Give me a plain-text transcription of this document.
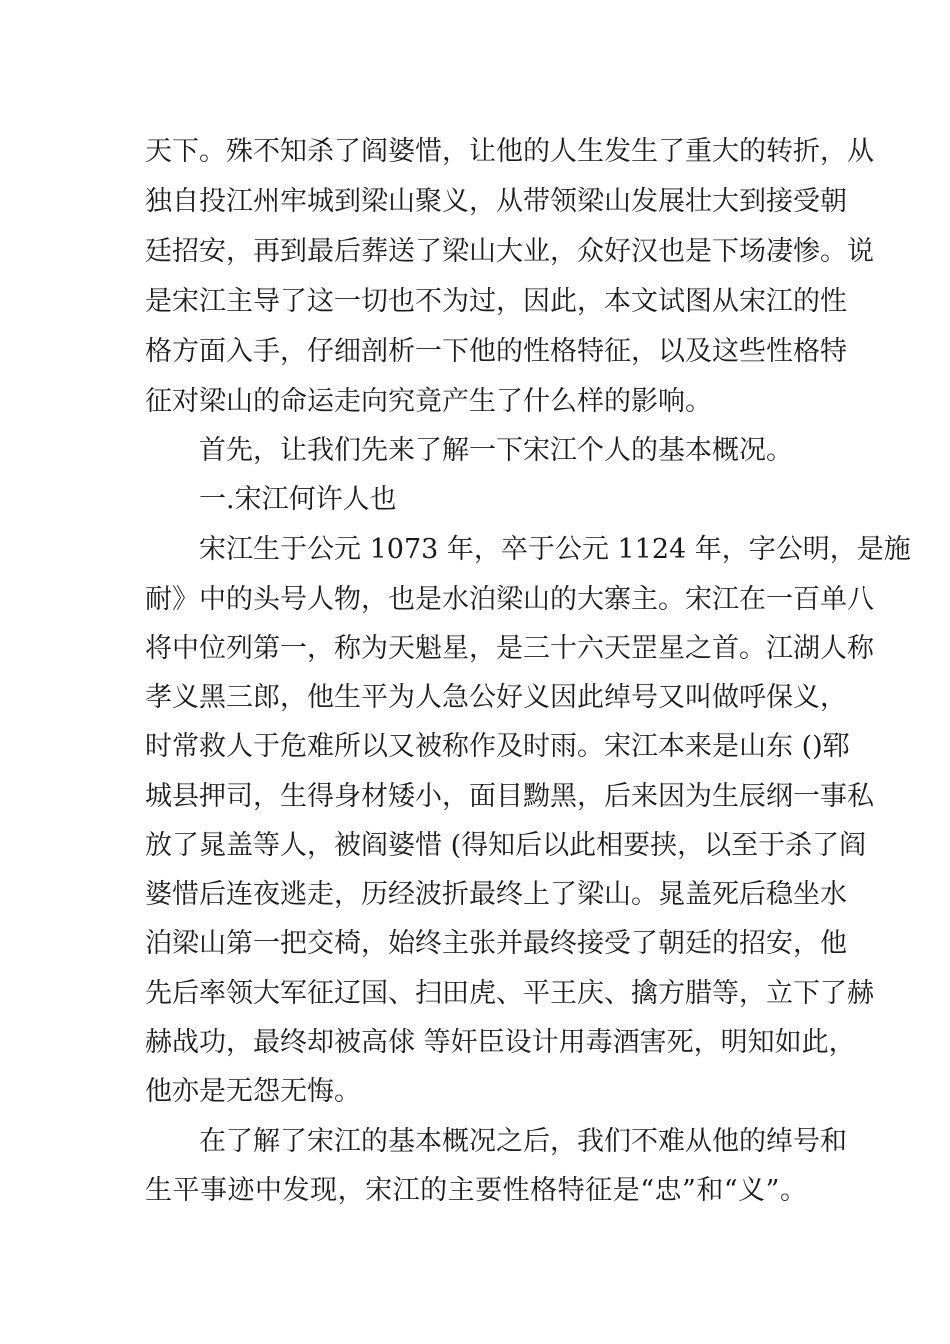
天下。殊不知杀了阎婆惜，让他的人生发生了重大的转折，从
独自投江州牢城到梁山聚义，从带领梁山发展壮大到接受朝
廷招安，再到最后葬送了梁山大业，众好汉也是下场凄惨。说
是宋江主导了这一切也不为过，因此，本文试图从宋江的性
格方面入手，仔细剖析一下他的性格特征，以及这些性格特
征对梁山的命运走向究竟产生了什么样的影响。
首先，让我们先来了解一下宋江个人的基本概况。
一.宋江何许人也
宋江生于公元 1073 年，卒于公元 1124 年，字公明，是施
耐》中的头号人物，也是水泊梁山的大寨主。宋江在一百单八
将中位列第一，称为天魁星，是三十六天罡星之首。江湖人称
孝义黑三郎，他生平为人急公好义因此绰号又叫做呼保义，
时常救人于危难所以又被称作及时雨。宋江本来是山东 ()郓
城县押司，生得身材矮小，面目黝黑，后来因为生辰纲一事私
放了晁盖等人，被阎婆惜 (得知后以此相要挟，以至于杀了阎
婆惜后连夜逃走，历经波折最终上了梁山。晁盖死后稳坐水
泊梁山第一把交椅，始终主张并最终接受了朝廷的招安，他
先后率领大军征辽国、扫田虎、平王庆、擒方腊等，立下了赫
赫战功，最终却被高俅 等奸臣设计用毒酒害死，明知如此，
他亦是无怨无悔。
在了解了宋江的基本概况之后，我们不难从他的绰号和
生平事迹中发现，宋江的主要性格特征是“忠”和“义”。
